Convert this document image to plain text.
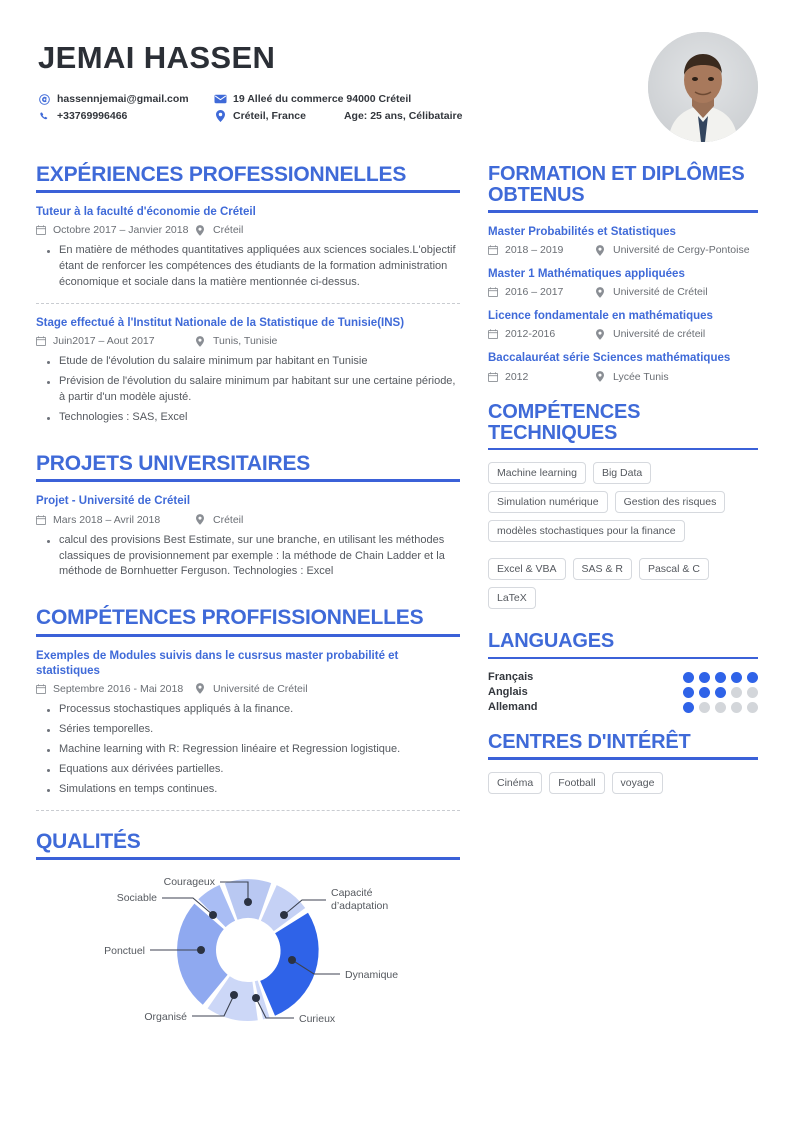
JEMAI HASSEN
hassennjemai@gmail.com	19 Alleé du commerce 94000 Créteil
+33769996466	Créteil, France	Age: 25 ans, Célibataire
EXPÉRIENCES PROFESSIONNELLES
Tuteur à la faculté d'économie de Créteil
Octobre 2017 – Janvier 2018 Créteil
En matière de méthodes quantitatives appliquées aux sciences sociales.L'objectif étant de renforcer les compétences des étudiants de la formation administration économique et sociale dans la matière mentionnée ci-dessus.
Stage effectué à l'Institut Nationale de la Statistique de Tunisie(INS)
Juin2017 – Aout 2017	Tunis, Tunisie
Etude de l'évolution du salaire minimum par habitant en Tunisie
Prévision de l'évolution du salaire minimum par habitant sur une certaine période, à partir d'un modèle ajusté.
Technologies : SAS, Excel
PROJETS UNIVERSITAIRES
Projet - Université de Créteil
Mars 2018 – Avril 2018	Créteil
calcul des provisions Best Estimate, sur une branche, en utilisant les méthodes classiques de provisionnement par exemple : la méthode de Chain Ladder et la méthode de Bornhuetter Ferguson. Technologies : Excel
COMPÉTENCES PROFFISSIONNELLES
Exemples de Modules suivis dans le cusrsus master probabilité et statistiques
Septembre 2016 - Mai 2018	Université de Créteil
Processus stochastiques appliqués à la finance.
Séries temporelles.
Machine learning with R: Regression linéaire et Regression logistique.
Equations aux dérivées partielles.
Simulations en temps continues.
QUALITÉS
Courageux
Sociable	Capacité
d’adaptation
Dynamique
Curieux
Organisé
Ponctuel
FORMATION ET DIPLÔMES OBTENUS
Master Probabilités et Statistiques
2018 – 2019	Université de Cergy-Pontoise
Master 1 Mathématiques appliquées
2016 – 2017	Université de Créteil
Licence fondamentale en mathématiques
2012-2016	Université de créteil
Baccalauréat série Sciences mathématiques
2012	Lycée Tunis
COMPÉTENCES TECHNIQUES
Machine learning	Big Data
Simulation numérique	Gestion des risques
modèles stochastiques pour la finance
Excel & VBA	SAS & R	Pascal & C
LaTeX
LANGUAGES
Français
Anglais
Allemand
CENTRES D'INTÉRÊT
Cinéma	Football	voyage
